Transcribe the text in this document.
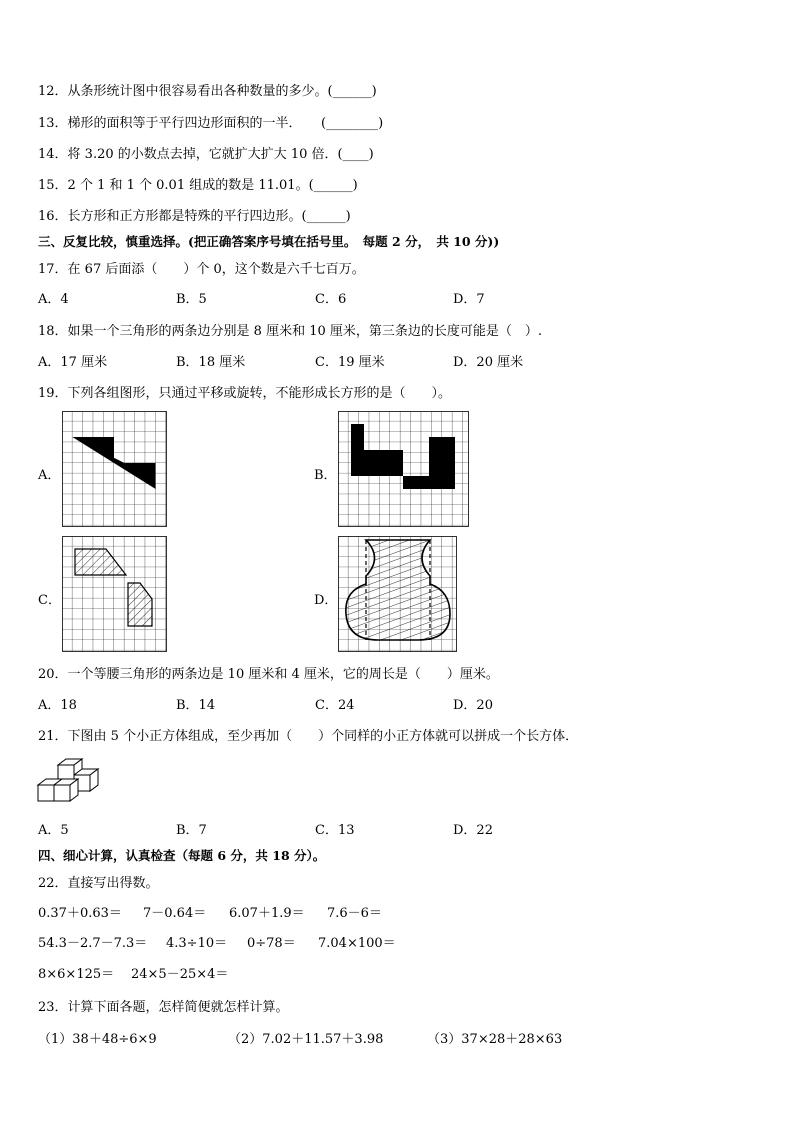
12．从条形统计图中很容易看出各种数量的多少。(______)
13．梯形的面积等于平行四边形面积的一半．　　(________)
14．将 3.20 的小数点去掉，它就扩大扩大 10 倍．(____)
15．2 个 1 和 1 个 0.01 组成的数是 11.01。(______)
16．长方形和正方形都是特殊的平行四边形。(______)
三、反复比较，慎重选择。(把正确答案序号填在括号里。　每题 2 分，　共 10 分))
17．在 67 后面添（　　）个 0，这个数是六千七百万。
A．4	B．5	C．6	D．7
18．如果一个三角形的两条边分别是 8 厘米和 10 厘米，第三条边的长度可能是（　）.
A．17 厘米	B．18 厘米	C．19 厘米	D．20 厘米
19．下列各组图形，只通过平移或旋转，不能形成长方形的是（　　）。
A．	B．
C．	D．
20．一个等腰三角形的两条边是 10 厘米和 4 厘米，它的周长是（　　）厘米。
A．18	B．14	C．24	D．20
21．下图由 5 个小正方体组成，至少再加（　　）个同样的小正方体就可以拼成一个长方体．
A．5	B．7	C．13	D．22
四、细心计算，认真检查（每题 6 分，共 18 分）。
22．直接写出得数。
0.37＋0.63＝ 7－0.64＝ 6.07＋1.9＝ 7.6－6＝
54.3－2.7－7.3＝ 4.3÷10＝ 0÷78＝ 7.04×100＝
8×6×125＝ 24×5－25×4＝
23．计算下面各题，怎样简便就怎样计算。
（1）38＋48÷6×9	（2）7.02＋11.57＋3.98	（3）37×28＋28×63
